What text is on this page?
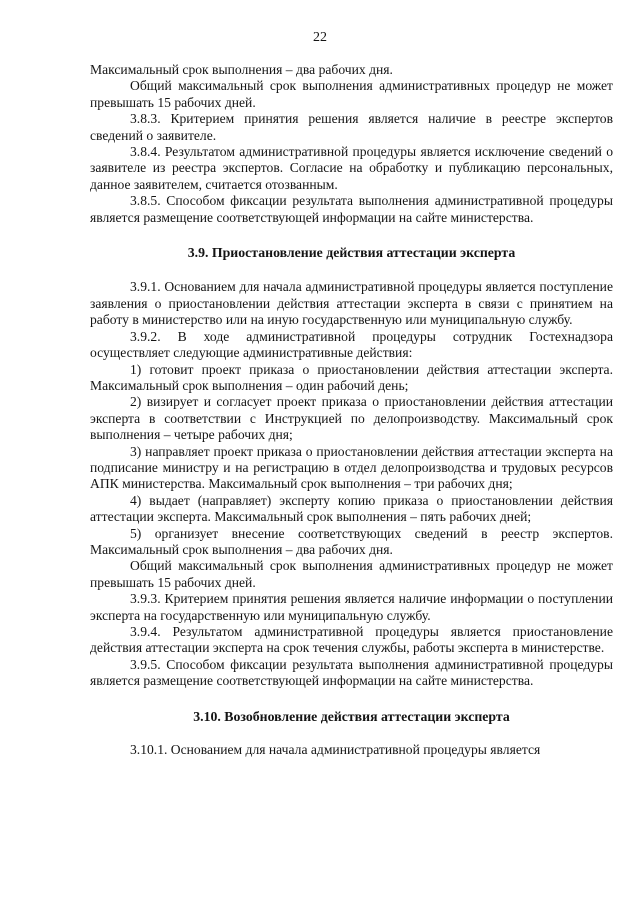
22

Максимальный срок выполнения – два рабочих дня.

Общий максимальный срок выполнения административных процедур не может превышать 15 рабочих дней.

3.8.3. Критерием принятия решения является наличие в реестре экспертов сведений о заявителе.

3.8.4. Результатом административной процедуры является исключение сведений о заявителе из реестра экспертов. Согласие на обработку и публикацию персональных, данное заявителем, считается отозванным.

3.8.5. Способом фиксации результата выполнения административной процедуры является размещение соответствующей информации на сайте министерства.

3.9. Приостановление действия аттестации эксперта

3.9.1. Основанием для начала административной процедуры является поступление заявления о приостановлении действия аттестации эксперта в связи с принятием на работу в министерство или на иную государственную или муниципальную службу.

3.9.2. В ходе административной процедуры сотрудник Гостехнадзора осуществляет следующие административные действия:

1) готовит проект приказа о приостановлении действия аттестации эксперта. Максимальный срок выполнения – один рабочий день;

2) визирует и согласует проект приказа о приостановлении действия аттестации эксперта в соответствии с Инструкцией по делопроизводству. Максимальный срок выполнения – четыре рабочих дня;

3) направляет проект приказа о приостановлении действия аттестации эксперта на подписание министру и на регистрацию в отдел делопроизводства и трудовых ресурсов АПК министерства. Максимальный срок выполнения – три рабочих дня;

4) выдает (направляет) эксперту копию приказа о приостановлении действия аттестации эксперта. Максимальный срок выполнения – пять рабочих дней;

5) организует внесение соответствующих сведений в реестр экспертов. Максимальный срок выполнения – два рабочих дня.

Общий максимальный срок выполнения административных процедур не может превышать 15 рабочих дней.

3.9.3. Критерием принятия решения является наличие информации о поступлении эксперта на государственную или муниципальную службу.

3.9.4. Результатом административной процедуры является приостановление действия аттестации эксперта на срок течения службы, работы эксперта в министерстве.

3.9.5. Способом фиксации результата выполнения административной процедуры является размещение соответствующей информации на сайте министерства.

3.10. Возобновление действия аттестации эксперта

3.10.1. Основанием для начала административной процедуры является
